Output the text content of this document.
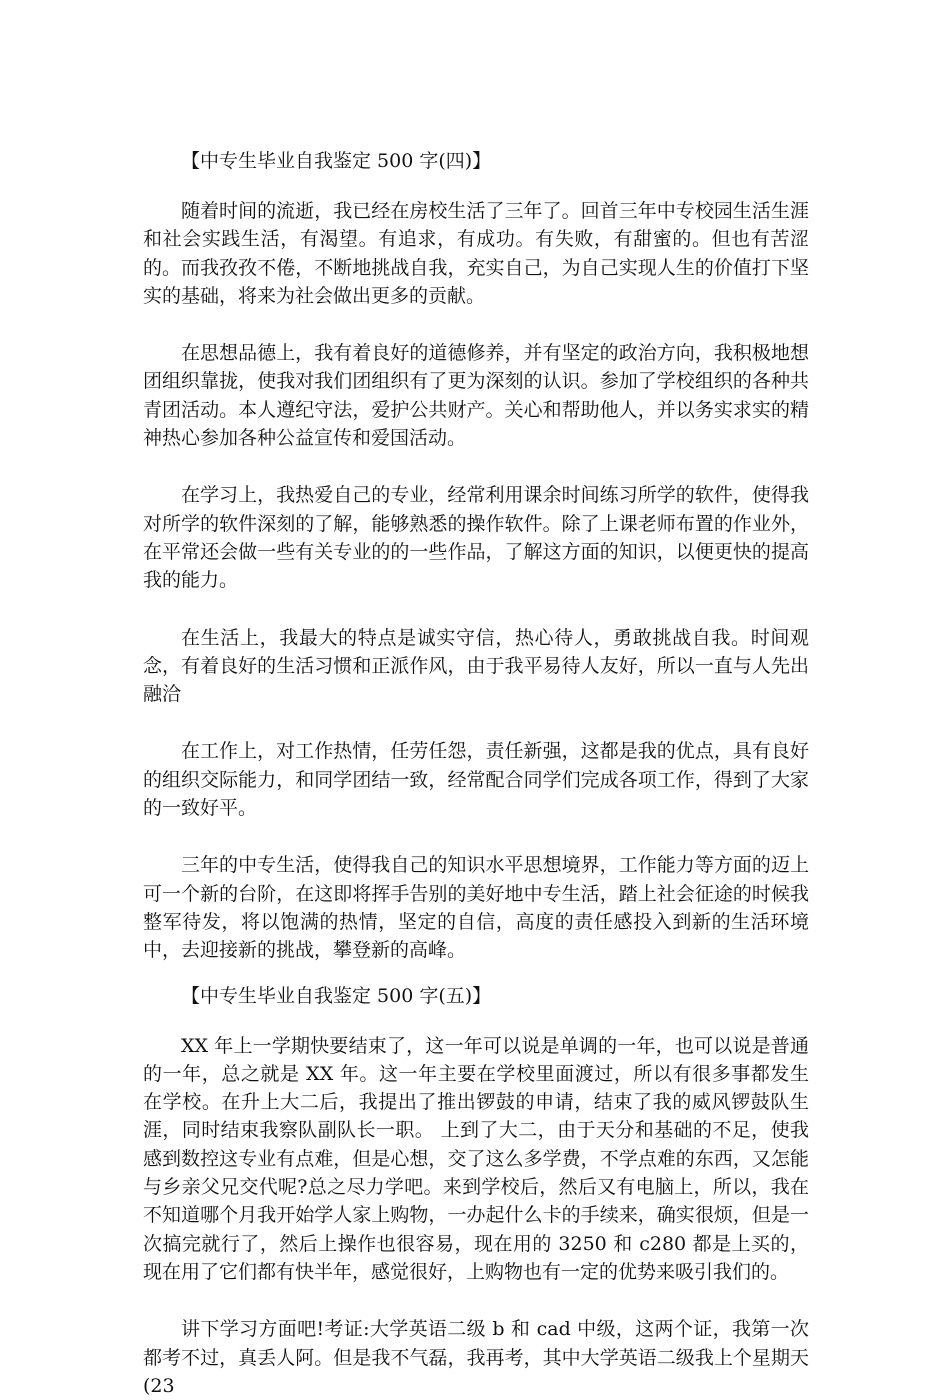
【中专生毕业自我鉴定 500 字(四)】
随着时间的流逝，我已经在房校生活了三年了。回首三年中专校园生活生涯和社会实践生活，有渴望。有追求，有成功。有失败，有甜蜜的。但也有苦涩的。而我孜孜不倦，不断地挑战自我，充实自己，为自己实现人生的价值打下坚实的基础，将来为社会做出更多的贡献。
在思想品德上，我有着良好的道德修养，并有坚定的政治方向，我积极地想团组织靠拢，使我对我们团组织有了更为深刻的认识。参加了学校组织的各种共青团活动。本人遵纪守法，爱护公共财产。关心和帮助他人，并以务实求实的精神热心参加各种公益宣传和爱国活动。
在学习上，我热爱自己的专业，经常利用课余时间练习所学的软件，使得我对所学的软件深刻的了解，能够熟悉的操作软件。除了上课老师布置的作业外，在平常还会做一些有关专业的的一些作品，了解这方面的知识，以便更快的提高我的能力。
在生活上，我最大的特点是诚实守信，热心待人，勇敢挑战自我。时间观念，有着良好的生活习惯和正派作风，由于我平易待人友好，所以一直与人先出融洽
在工作上，对工作热情，任劳任怨，责任新强，这都是我的优点，具有良好的组织交际能力，和同学团结一致，经常配合同学们完成各项工作，得到了大家的一致好平。
三年的中专生活，使得我自己的知识水平思想境界，工作能力等方面的迈上可一个新的台阶，在这即将挥手告别的美好地中专生活，踏上社会征途的时候我整军待发，将以饱满的热情，坚定的自信，高度的责任感投入到新的生活环境中，去迎接新的挑战，攀登新的高峰。
【中专生毕业自我鉴定 500 字(五)】
XX 年上一学期快要结束了，这一年可以说是单调的一年，也可以说是普通的一年，总之就是 XX 年。这一年主要在学校里面渡过，所以有很多事都发生在学校。在升上大二后，我提出了推出锣鼓的申请，结束了我的威风锣鼓队生涯，同时结束我察队副队长一职。 上到了大二，由于天分和基础的不足，使我感到数控这专业有点难，但是心想，交了这么多学费，不学点难的东西，又怎能与乡亲父兄交代呢?总之尽力学吧。来到学校后，然后又有电脑上，所以，我在不知道哪个月我开始学人家上购物，一办起什么卡的手续来，确实很烦，但是一次搞完就行了，然后上操作也很容易，现在用的 3250 和 c280 都是上买的，现在用了它们都有快半年，感觉很好，上购物也有一定的优势来吸引我们的。
讲下学习方面吧!考证:大学英语二级 b 和 cad 中级，这两个证，我第一次都考不过，真丢人阿。但是我不气磊，我再考，其中大学英语二级我上个星期天(23
